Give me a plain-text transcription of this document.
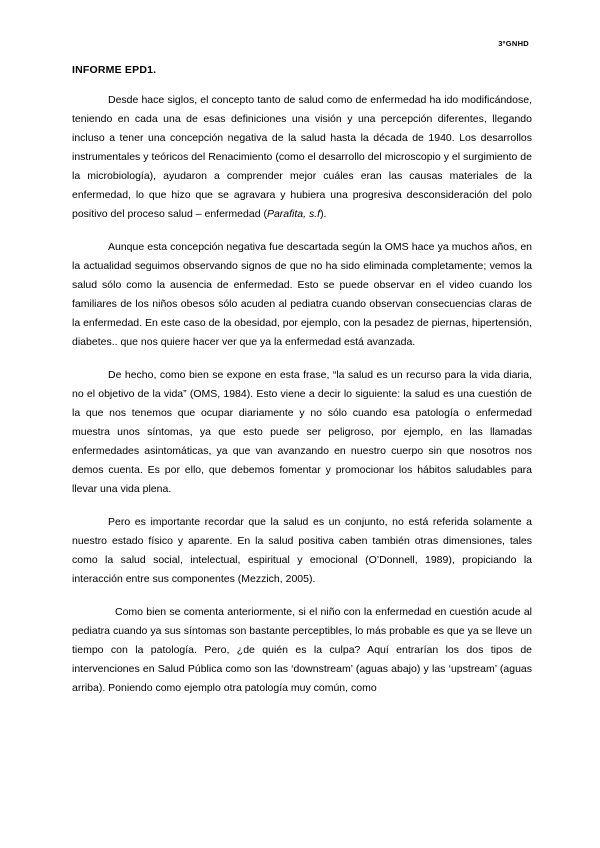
3ºGNHD
INFORME EPD1.

Desde hace siglos, el concepto tanto de salud como de enfermedad ha ido modificándose, teniendo en cada una de esas definiciones una visión y una percepción diferentes, llegando incluso a tener una concepción negativa de la salud hasta la década de 1940. Los desarrollos instrumentales y teóricos del Renacimiento (como el desarrollo del microscopio y el surgimiento de la microbiología), ayudaron a comprender mejor cuáles eran las causas materiales de la enfermedad, lo que hizo que se agravara y hubiera una progresiva desconsideración del polo positivo del proceso salud – enfermedad (Parafita, s.f).

Aunque esta concepción negativa fue descartada según la OMS hace ya muchos años, en la actualidad seguimos observando signos de que no ha sido eliminada completamente; vemos la salud sólo como la ausencia de enfermedad. Esto se puede observar en el video cuando los familiares de los niños obesos sólo acuden al pediatra cuando observan consecuencias claras de la enfermedad. En este caso de la obesidad, por ejemplo, con la pesadez de piernas, hipertensión, diabetes.. que nos quiere hacer ver que ya la enfermedad está avanzada.

De hecho, como bien se expone en esta frase, “la salud es un recurso para la vida diaria, no el objetivo de la vida” (OMS, 1984). Esto viene a decir lo siguiente: la salud es una cuestión de la que nos tenemos que ocupar diariamente y no sólo cuando esa patología o enfermedad muestra unos síntomas, ya que esto puede ser peligroso, por ejemplo, en las llamadas enfermedades asintomáticas, ya que van avanzando en nuestro cuerpo sin que nosotros nos demos cuenta. Es por ello, que debemos fomentar y promocionar los hábitos saludables para llevar una vida plena.

Pero es importante recordar que la salud es un conjunto, no está referida solamente a nuestro estado físico y aparente. En la salud positiva caben también otras dimensiones, tales como la salud social, intelectual, espiritual y emocional (O’Donnell, 1989), propiciando la interacción entre sus componentes (Mezzich, 2005).

Como bien se comenta anteriormente, si el niño con la enfermedad en cuestión acude al pediatra cuando ya sus síntomas son bastante perceptibles, lo más probable es que ya se lleve un tiempo con la patología. Pero, ¿de quién es la culpa? Aquí entrarían los dos tipos de intervenciones en Salud Pública como son las ‘downstream’ (aguas abajo) y las ‘upstream’ (aguas arriba). Poniendo como ejemplo otra patología muy común, como
